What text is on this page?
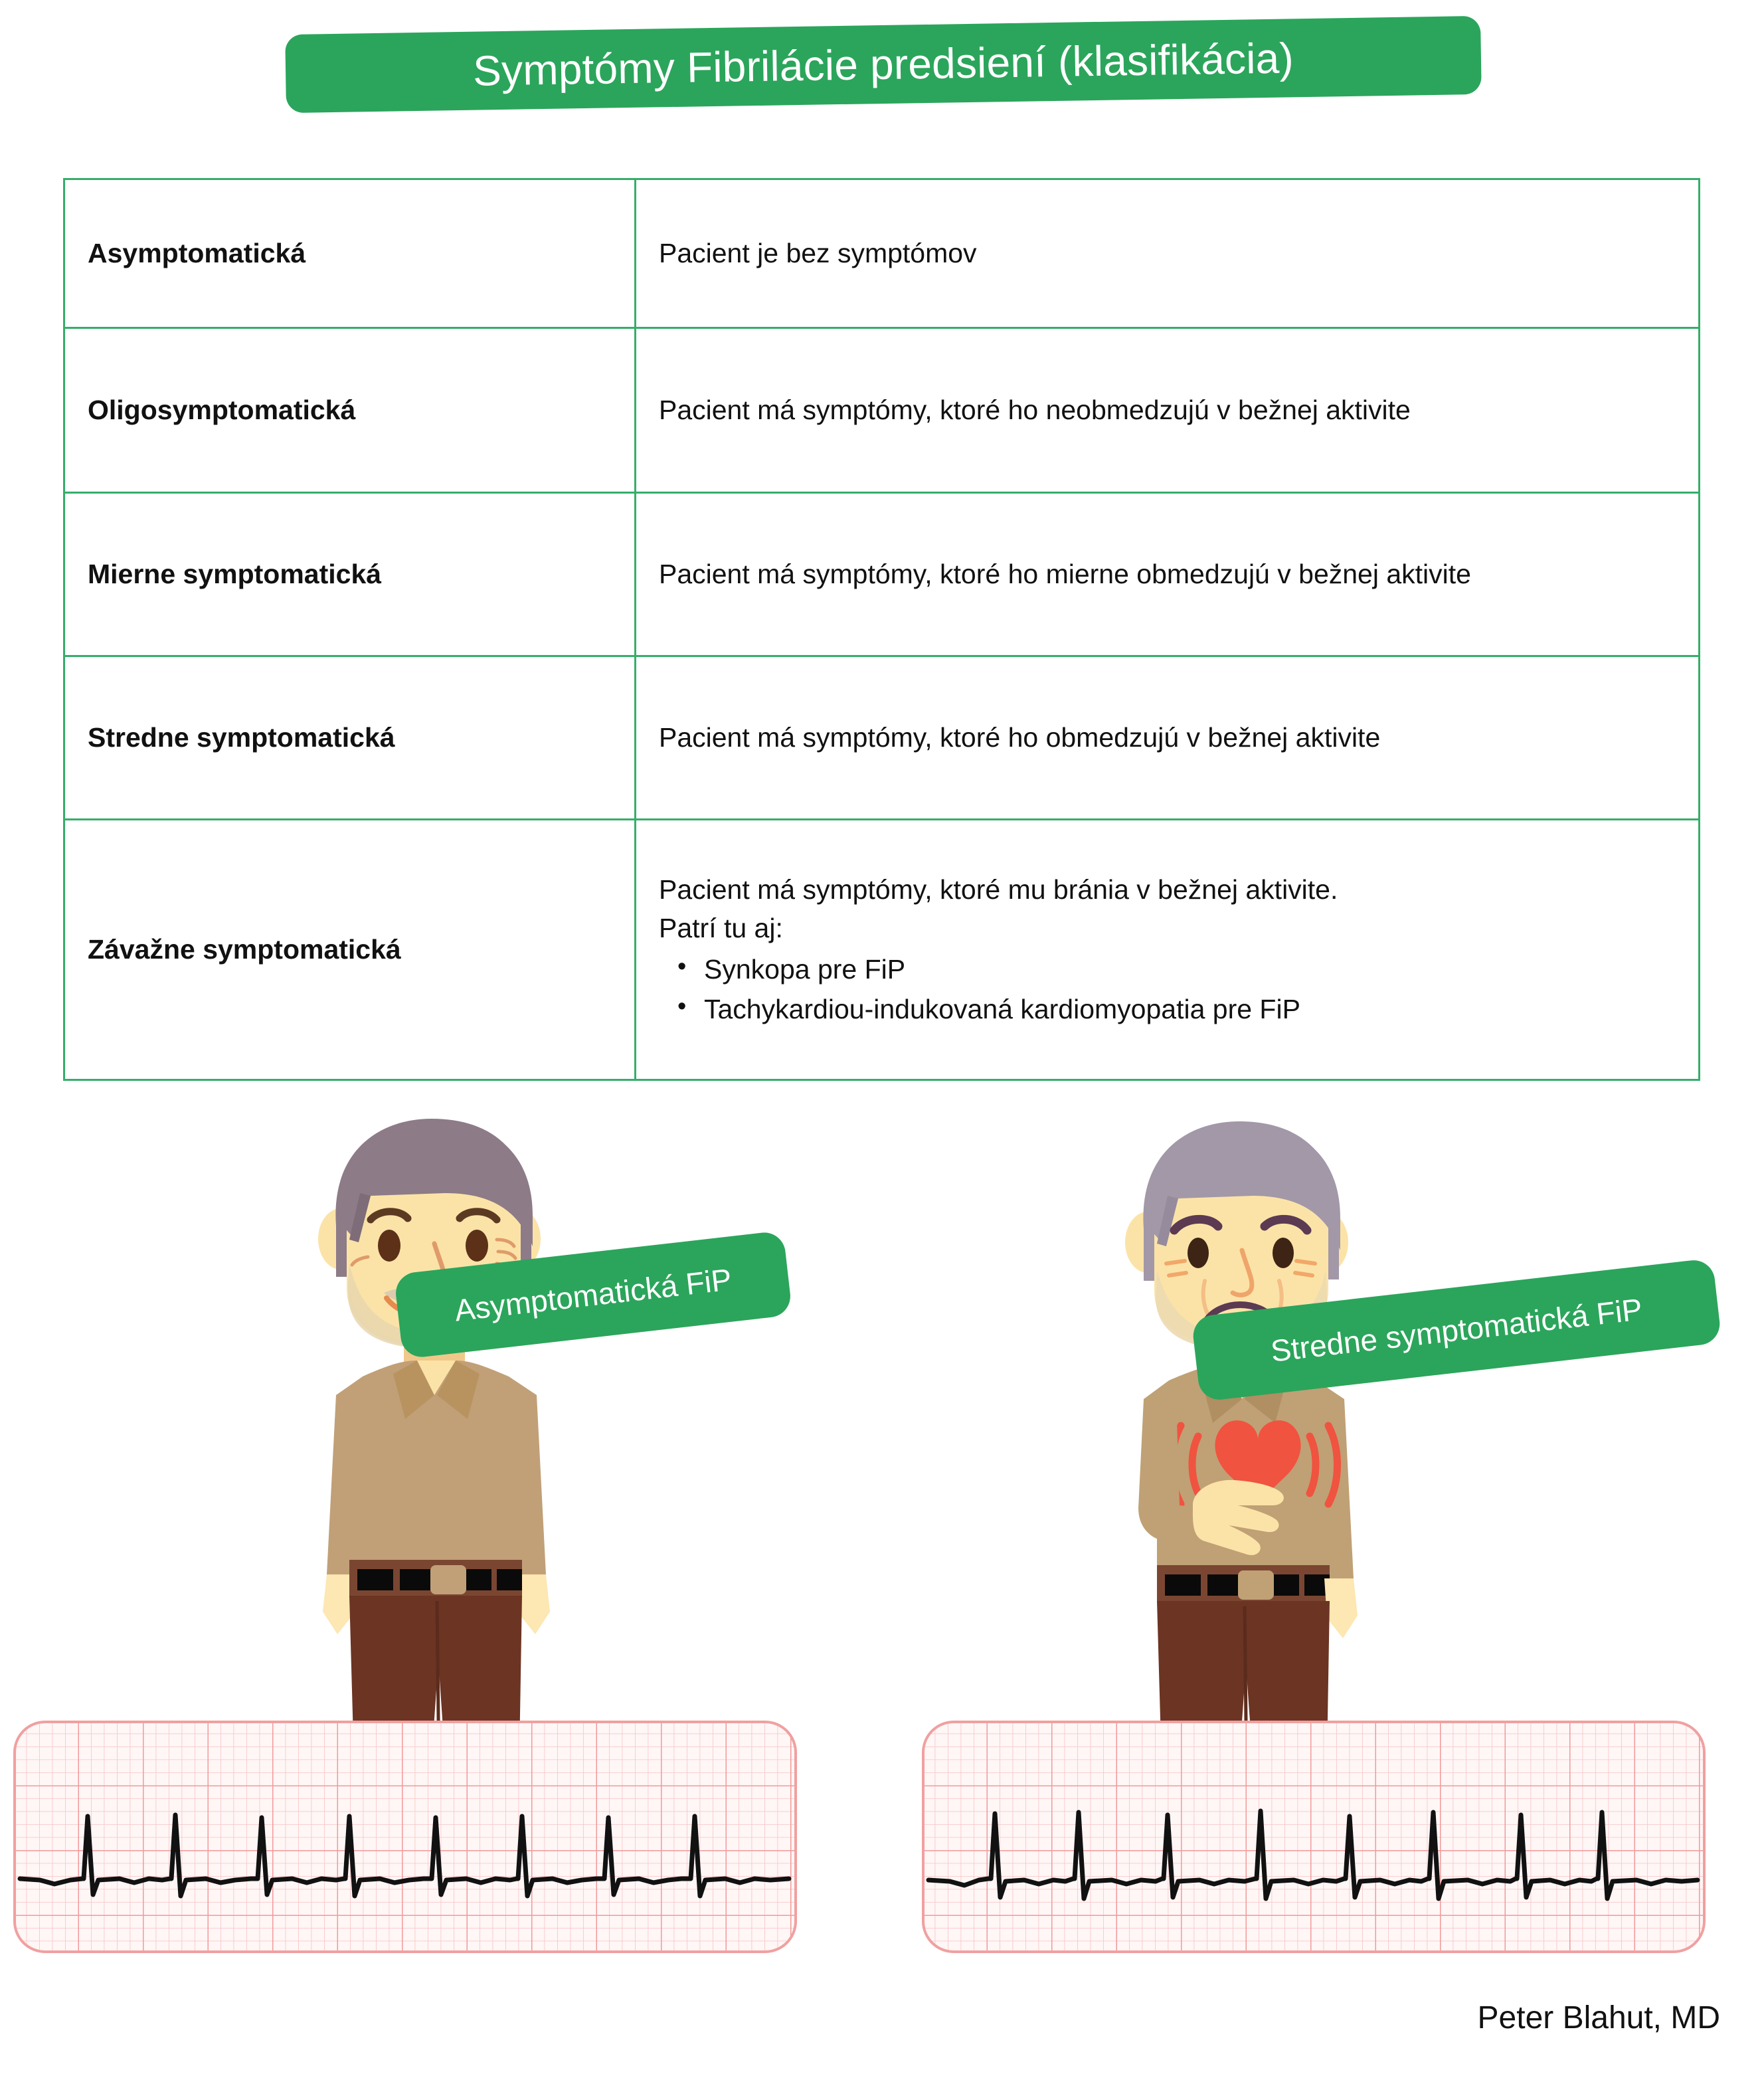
Symptómy Fibrilácie predsiení (klasifikácia)
Asymptomatická	Pacient je bez symptómov
Oligosymptomatická	Pacient má symptómy, ktoré ho neobmedzujú v bežnej aktivite
Mierne symptomatická	Pacient má symptómy, ktoré ho mierne obmedzujú v bežnej aktivite
Stredne symptomatická	Pacient má symptómy, ktoré ho obmedzujú v bežnej aktivite
Závažne symptomatická	
Pacient má symptómy, ktoré mu bránia v bežnej aktivite.
Patrí tu aj:
• Synkopa pre FiP
• Tachykardiou-indukovaná kardiomyopatia pre FiP
Asymptomatická FiP	Stredne symptomatická FiP
Peter Blahut, MD
